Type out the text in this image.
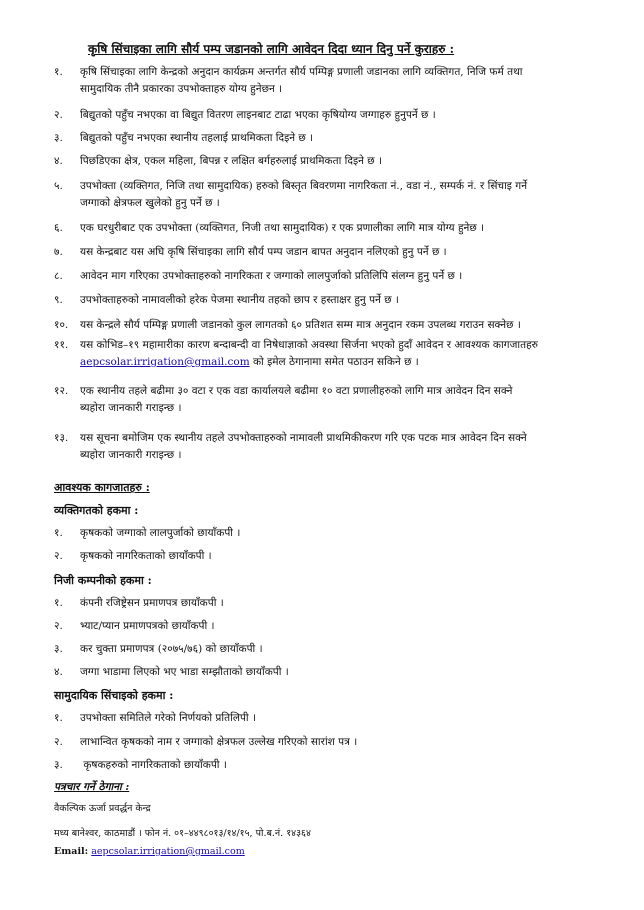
कृषि सिंचाइका लागि सौर्य पम्प जडानको लागि आवेदन दिदा ध्यान दिनु पर्ने कुराहरु :
१. कृषि सिंचाइका लागि केन्द्रको अनुदान कार्यक्रम अन्तर्गत सौर्य पम्पिङ्ग प्रणाली जडानका लागि व्यक्तिगत, निजि फर्म तथा
सामुदायिक तीनै प्रकारका उपभोक्ताहरु योग्य हुनेछन ।
२. बिद्युतको पहुँच नभएका वा बिद्युत वितरण लाइनबाट टाढा भएका कृषियोग्य जग्गाहरु हुनुपर्ने छ ।
३. बिद्युतको पहुँच नभएका स्थानीय तहलाई प्राथमिकता दिइने छ ।
४. पिछडिएका क्षेत्र, एकल महिला, बिपन्न र लक्षित बर्गहरुलाई प्राथमिकता दिइने छ ।
५. उपभोक्ता (व्यक्तिगत, निजि तथा सामुदायिक) हरुको बिस्तृत बिवरणमा नागरिकता नं., वडा नं., सम्पर्क नं. र सिंचाइ गर्ने
जग्गाको क्षेत्रफल खुलेको हुनु पर्ने छ ।
६. एक घरधुरीबाट एक उपभोक्ता (व्यक्तिगत, निजी तथा सामुदायिक) र एक प्रणालीका लागि मात्र योग्य हुनेछ ।
७. यस केन्द्रबाट यस अघि कृषि सिंचाइका लागि सौर्य पम्प जडान बापत अनुदान नलिएको हुनु पर्ने छ ।
८. आवेदन माग गरिएका उपभोक्ताहरुको नागरिकता र जग्गाको लालपुर्जाको प्रतिलिपि संलग्न हुनु पर्ने छ ।
९. उपभोक्ताहरुको नामावलीको हरेक पेजमा स्थानीय तहको छाप र हस्ताक्षर हुनु पर्ने छ ।
१०. यस केन्द्रले सौर्य पम्पिङ्ग प्रणाली जडानको कुल लागतको ६० प्रतिशत सम्म मात्र अनुदान रकम उपलब्ध गराउन सक्नेछ ।
११. यस कोभिड–१९ महामारीका कारण बन्दाबन्दी वा निषेधाज्ञाको अवस्था सिर्जना भएको हुदाँ आवेदन र आवश्यक कागजातहरु
aepcsolar.irrigation@gmail.com को इमेल ठेगानामा समेत पठाउन सकिने छ ।
१२. एक स्थानीय तहले बढीमा ३० वटा र एक वडा कार्यालयले बढीमा १० वटा प्रणालीहरुको लागि मात्र आवेदन दिन सक्ने
ब्यहोरा जानकारी गराइन्छ ।
१३. यस सूचना बमोजिम एक स्थानीय तहले उपभोक्ताहरुको नामावली प्राथमिकीकरण गरि एक पटक मात्र आवेदन दिन सक्ने
ब्यहोरा जानकारी गराइन्छ ।
आवश्यक कागजातहरु :
व्यक्तिगतको हकमा :
१. कृषकको जग्गाको लालपुर्जाको छायाँकपी ।
२. कृषकको नागरिकताको छायाँकपी ।
निजी कम्पनीको हकमा :
१. कंपनी रजिष्ट्रेसन प्रमाणपत्र छायाँकपी ।
२. भ्याट/प्यान प्रमाणपत्रको छायाँकपी ।
३. कर चुक्ता प्रमाणपत्र (२०७५/७६) को छायाँकपी ।
४. जग्गा भाडामा लिएको भए भाडा सम्झौताको छायाँकपी ।
सामुदायिक सिंचाइको हकमा :
१. उपभोक्ता समितिले गरेको निर्णयको प्रतिलिपी ।
२. लाभान्वित कृषकको नाम र जग्गाको क्षेत्रफल उल्लेख गरिएको सारांश पत्र ।
३. कृषकहरुको नागरिकताको छायाँकपी ।
पत्रचार गर्ने ठेगाना :
वैकल्पिक ऊर्जा प्रवर्द्धन केन्द्र
मध्य बानेश्वर, काठमाडौं । फोन नं. ०१–४४९८०१३/१४/१५, पो.ब.नं. १४३६४
Email: aepcsolar.irrigation@gmail.com
